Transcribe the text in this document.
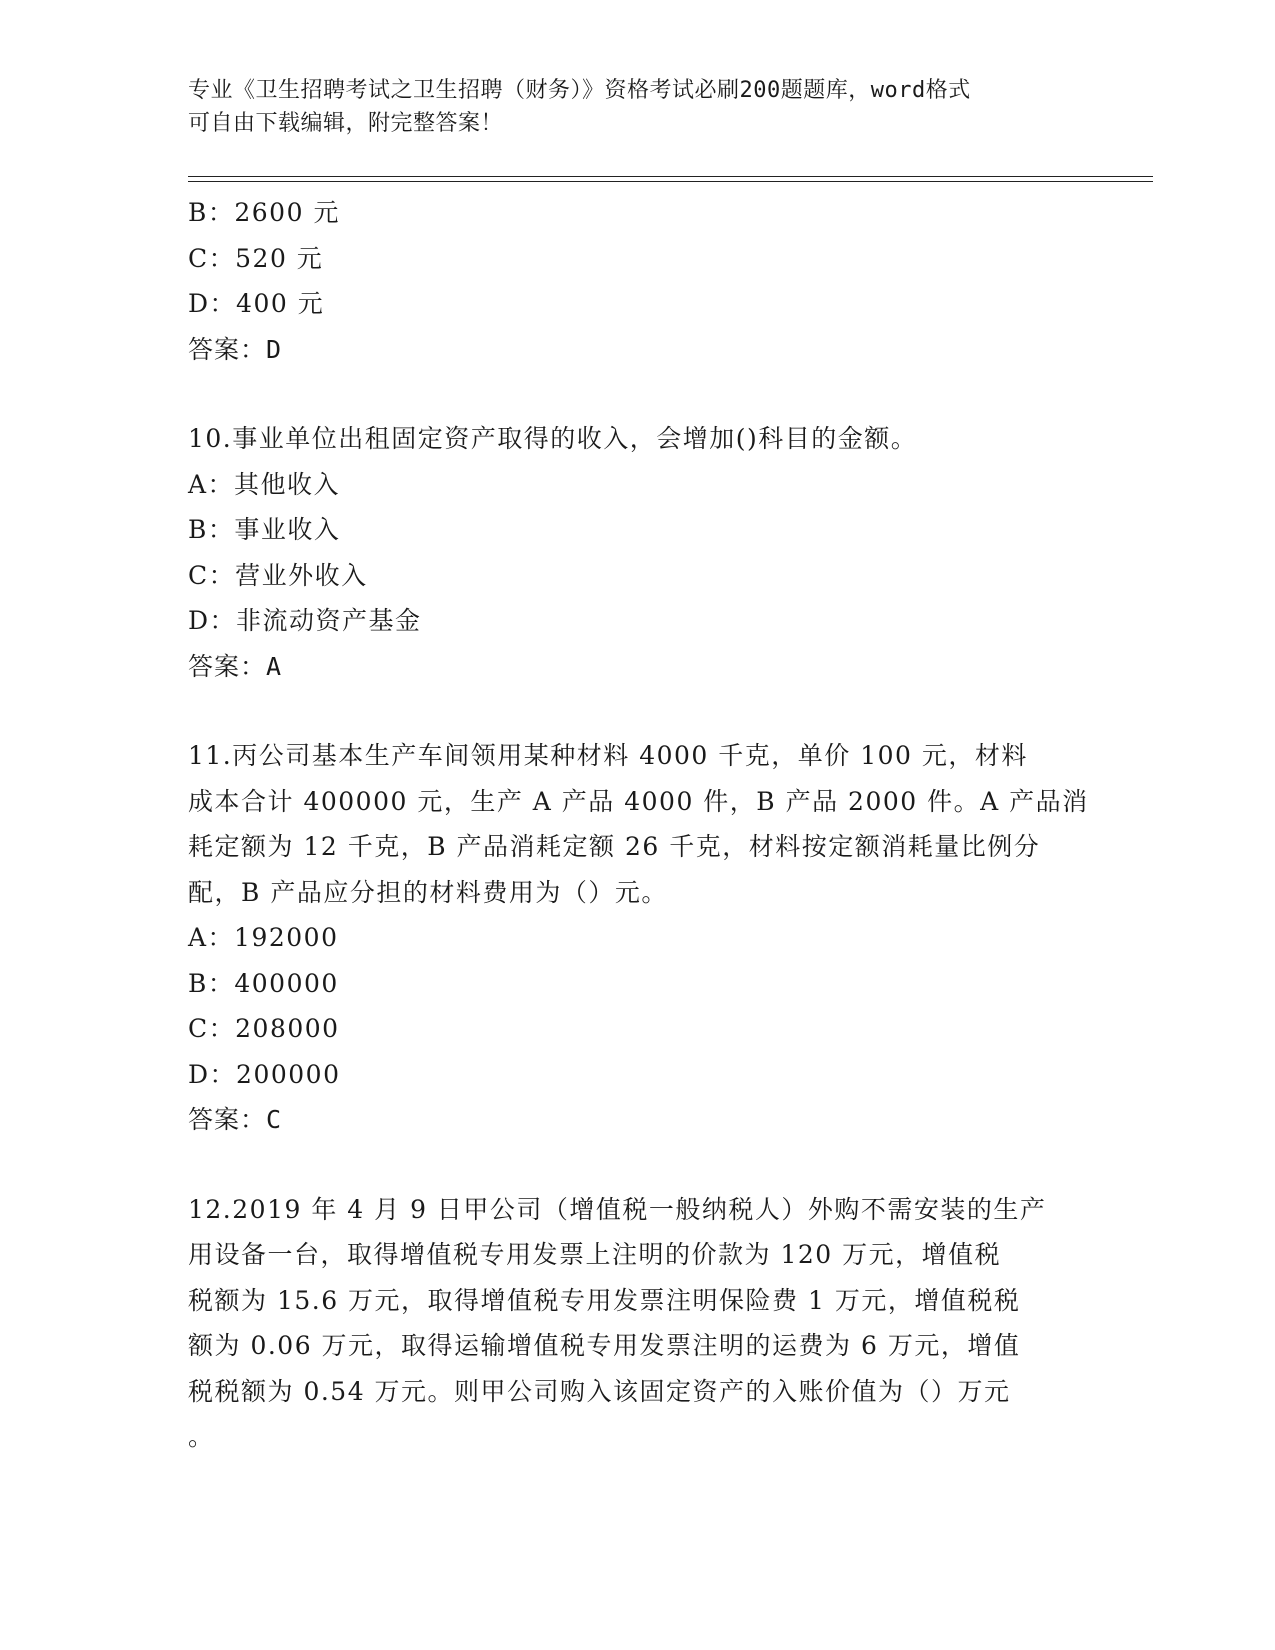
专业《卫生招聘考试之卫生招聘（财务）》资格考试必刷200题题库，word格式
可自由下载编辑，附完整答案！
B：2600 元
C：520 元
D：400 元
答案：D
10.事业单位出租固定资产取得的收入，会增加()科目的金额。
A：其他收入
B：事业收入
C：营业外收入
D：非流动资产基金
答案：A
11.丙公司基本生产车间领用某种材料 4000 千克，单价 100 元，材料
成本合计 400000 元，生产 A 产品 4000 件，B 产品 2000 件。A 产品消
耗定额为 12 千克，B 产品消耗定额 26 千克，材料按定额消耗量比例分
配，B 产品应分担的材料费用为（）元。
A：192000
B：400000
C：208000
D：200000
答案：C
12.2019 年 4 月 9 日甲公司（增值税一般纳税人）外购不需安装的生产
用设备一台，取得增值税专用发票上注明的价款为 120 万元，增值税
税额为 15.6 万元，取得增值税专用发票注明保险费 1 万元，增值税税
额为 0.06 万元，取得运输增值税专用发票注明的运费为 6 万元，增值
税税额为 0.54 万元。则甲公司购入该固定资产的入账价值为（）万元
。
